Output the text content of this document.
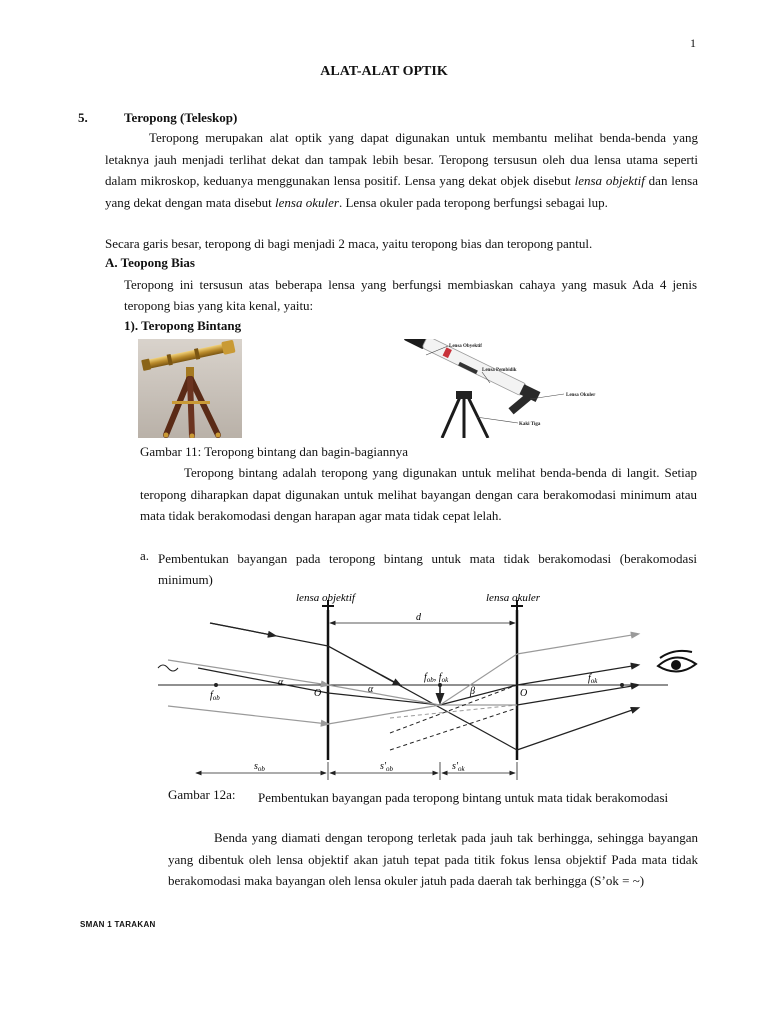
1
ALAT-ALAT OPTIK
5.	Teropong (Teleskop)

Teropong merupakan alat optik yang dapat digunakan untuk membantu melihat benda-benda yang letaknya jauh menjadi terlihat dekat dan tampak lebih besar. Teropong tersusun oleh dua lensa utama seperti dalam mikroskop, keduanya menggunakan lensa positif. Lensa yang dekat objek disebut lensa objektif dan lensa yang dekat dengan mata disebut lensa okuler. Lensa okuler pada teropong berfungsi sebagai lup.

Secara garis besar, teropong di bagi menjadi 2 maca, yaitu teropong bias dan teropong pantul.
A. Teopong Bias

Teropong ini tersusun atas beberapa lensa yang berfungsi membiaskan cahaya yang masuk Ada 4 jenis teropong bias yang kita kenal, yaitu:

1). Teropong Bintang
Lensa Obyektif
Lensa Pembidik
Lensa Okuler
Kaki Tiga
Gambar 11: Teropong bintang dan bagin-bagiannya

Teropong bintang adalah teropong yang digunakan untuk melihat benda-benda di langit. Setiap teropong diharapkan dapat digunakan untuk melihat bayangan dengan cara berakomodasi minimum atau mata tidak berakomodasi dengan harapan agar mata tidak cepat lelah.

a. Pembentukan bayangan pada teropong bintang untuk mata tidak berakomodasi (berakomodasi minimum)

lensa objektif	lensa okuler
d
$f_{ob}$
$f_{ok}$
$f_{ob}$, $f_{ok}$
O	O
α
α	β
$s_{ob}$	$s'_{ob}$	$s'_{ok}$
Gambar 12a: Pembentukan bayangan pada teropong bintang untuk mata tidak berakomodasi

Benda yang diamati dengan teropong terletak pada jauh tak berhingga, sehingga bayangan yang dibentuk oleh lensa objektif akan jatuh tepat pada titik fokus lensa objektif Pada mata tidak berakomodasi maka bayangan oleh lensa okuler jatuh pada daerah tak berhingga (S’ok = ~)

SMAN 1 TARAKAN
